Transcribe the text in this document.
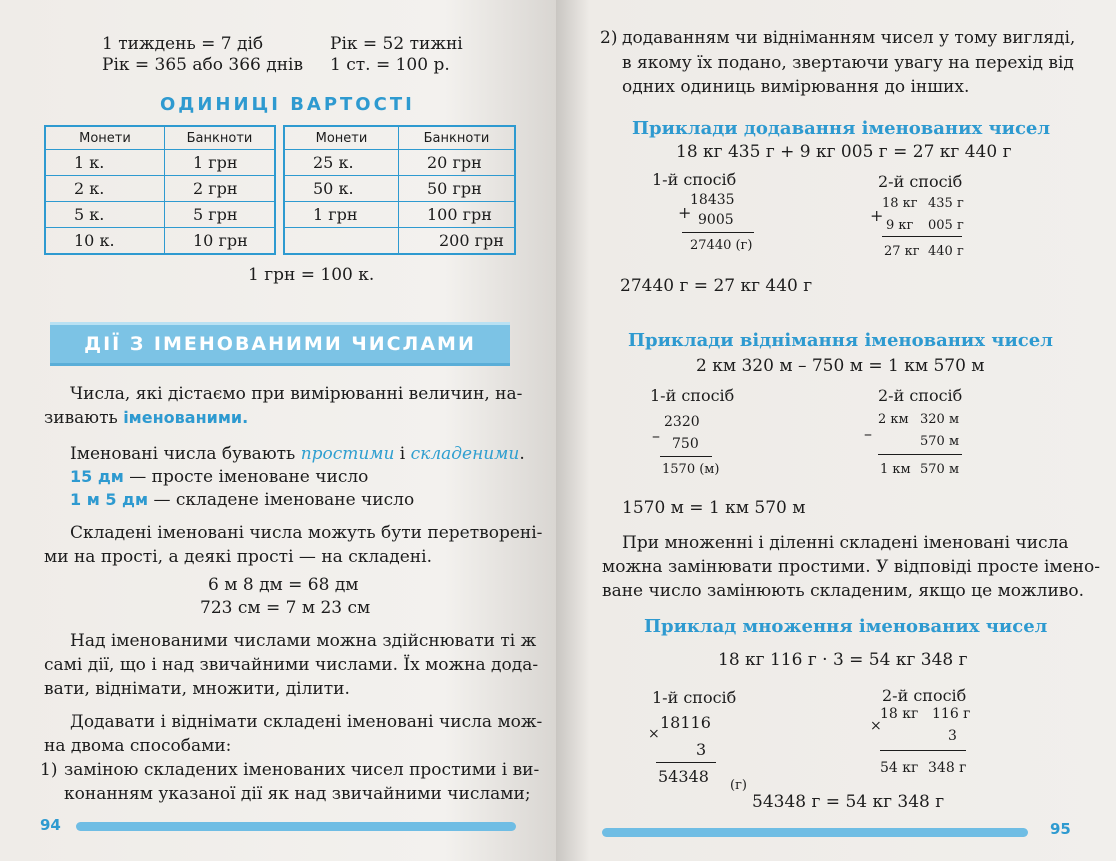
1 тиждень = 7 діб	Рік = 52 тижні
Рік = 365 або 366 днів 1 ст. = 100 р.
ОДИНИЦІ ВАРТОСТІ
Монети	Банкноти
1 к.	1 грн
2 к.	2 грн
5 к.	5 грн
10 к.	10 грн
Монети	Банкноти
25 к.	20 грн
50 к.	50 грн
1 грн	100 грн
	200 грн
1 грн = 100 к.
ДІЇ З ІМЕНОВАНИМИ ЧИСЛАМИ
Числа, які дістаємо при вимірюванні величин, на-
зивають іменованими.
Іменовані числа бувають простими і складеними.
15 дм — просте іменоване число
1 м 5 дм — складене іменоване число
Складені іменовані числа можуть бути перетворені-
ми на прості, а деякі прості — на складені.
6 м 8 дм = 68 дм
723 см = 7 м 23 см
Над іменованими числами можна здійснювати ті ж
самі дії, що і над звичайними числами. Їх можна дода-
вати, віднімати, множити, ділити.
Додавати і віднімати складені іменовані числа мож-
на двома способами:
1) заміною складених іменованих чисел простими і ви-
конанням указаної дії як над звичайними числами;
94
2) додаванням чи відніманням чисел у тому вигляді,
в якому їх подано, звертаючи увагу на перехід від
одних одиниць вимірювання до інших.
Приклади додавання іменованих чисел
18 кг 435 г + 9 кг 005 г = 27 кг 440 г
1-й спосіб	2-й спосіб
18435
+ 9005
27440 (г)
18 кг 435 г
+
9 кг 005 г
27 кг 440 г
27440 г = 27 кг 440 г
Приклади віднімання іменованих чисел
2 км 320 м – 750 м = 1 км 570 м
1-й спосіб	2-й спосіб
2320
– 750
1570 (м)
2 км 320 м
–	570 м
1 км 570 м
1570 м = 1 км 570 м
При множенні і діленні складені іменовані числа
можна замінювати простими. У відповіді просте імено-
ване число замінюють складеним, якщо це можливо.
Приклад множення іменованих чисел
18 кг 116 г · 3 = 54 кг 348 г
1-й спосіб	2-й спосіб
18116
×
3
54348 (г)
18 кг 116 г
×
3
54 кг 348 г
54348 г = 54 кг 348 г
95
